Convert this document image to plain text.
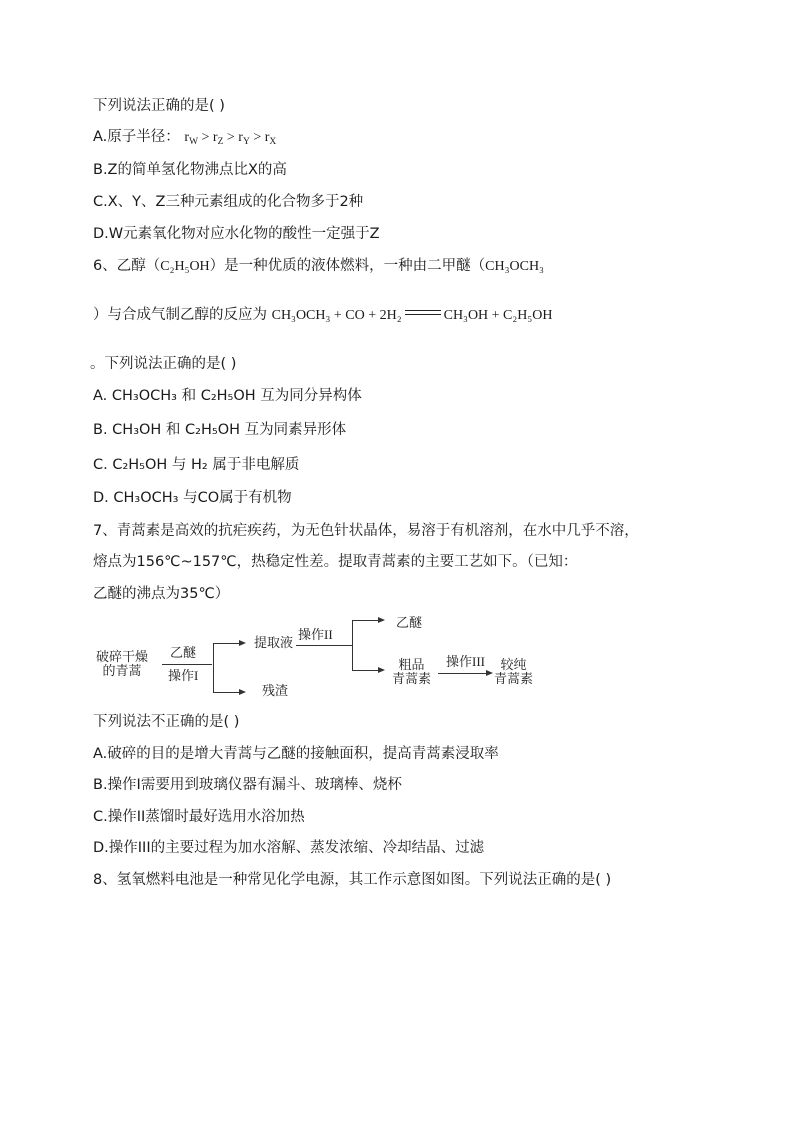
下列说法正确的是( )
A.原子半径： $r_W > r_Z > r_Y > r_X$
B.Z的简单氢化物沸点比X的高
C.X、Y、Z三种元素组成的化合物多于2种
D.W元素氧化物对应水化物的酸性一定强于Z
6、乙醇（C₂H₅OH）是一种优质的液体燃料，一种由二甲醚（CH₃OCH₃
）与合成气制乙醇的反应为 CH₃OCH₃ + CO + 2H₂	CH₃OH + C₂H₅OH
。下列说法正确的是( )
A. CH₃OCH₃ 和 C₂H₅OH 互为同分异构体
B. CH₃OH 和 C₂H₅OH 互为同素异形体
C. C₂H₅OH 与 H₂ 属于非电解质
D. CH₃OCH₃ 与CO属于有机物
7、青蒿素是高效的抗疟疾药，为无色针状晶体，易溶于有机溶剂，在水中几乎不溶，
熔点为156℃~157℃，热稳定性差。提取青蒿素的主要工艺如下。（已知：
乙醚的沸点为35℃）
破碎干燥
的青蒿
乙醚
操作I
提取液
残渣
操作II
乙醚
粗品
青蒿素
操作III	较纯
青蒿素
下列说法不正确的是( )
A.破碎的目的是增大青蒿与乙醚的接触面积，提高青蒿素浸取率
B.操作I需要用到玻璃仪器有漏斗、玻璃棒、烧杯
C.操作II蒸馏时最好选用水浴加热
D.操作III的主要过程为加水溶解、蒸发浓缩、冷却结晶、过滤
8、氢氧燃料电池是一种常见化学电源，其工作示意图如图。下列说法正确的是( )
